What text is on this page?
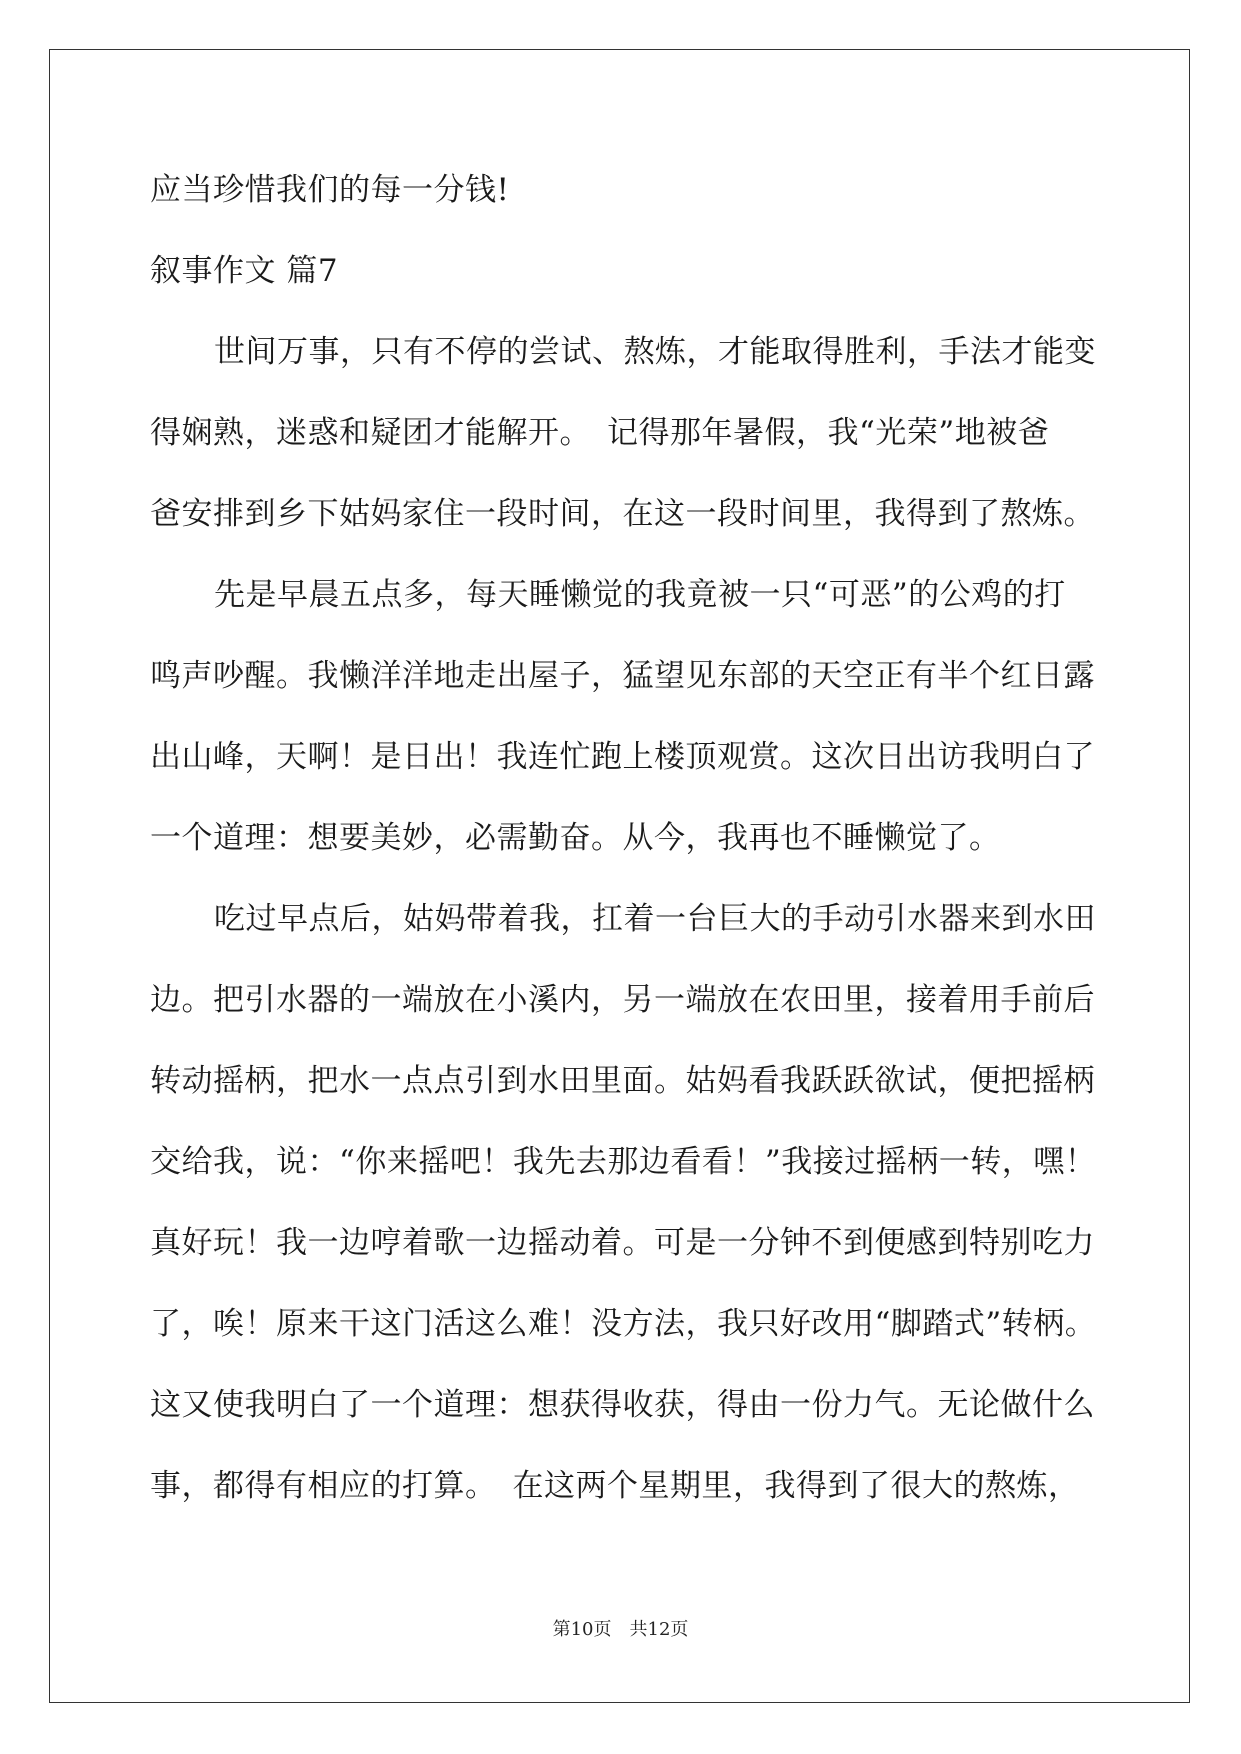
应当珍惜我们的每一分钱!
叙事作文 篇7
世间万事，只有不停的尝试、熬炼，才能取得胜利，手法才能变
得娴熟，迷惑和疑团才能解开。　记得那年暑假，我“光荣”地被爸
爸安排到乡下姑妈家住一段时间，在这一段时间里，我得到了熬炼。
先是早晨五点多，每天睡懒觉的我竟被一只“可恶”的公鸡的打
鸣声吵醒。我懒洋洋地走出屋子，猛望见东部的天空正有半个红日露
出山峰，天啊！是日出！我连忙跑上楼顶观赏。这次日出访我明白了
一个道理：想要美妙，必需勤奋。从今，我再也不睡懒觉了。
吃过早点后，姑妈带着我，扛着一台巨大的手动引水器来到水田
边。把引水器的一端放在小溪内，另一端放在农田里，接着用手前后
转动摇柄，把水一点点引到水田里面。姑妈看我跃跃欲试，便把摇柄
交给我，说：“你来摇吧！我先去那边看看！”我接过摇柄一转，嘿！
真好玩！我一边哼着歌一边摇动着。可是一分钟不到便感到特别吃力
了，唉！原来干这门活这么难！没方法，我只好改用“脚踏式”转柄。
这又使我明白了一个道理：想获得收获，得由一份力气。无论做什么
事，都得有相应的打算。　在这两个星期里，我得到了很大的熬炼，
第10页　共12页
